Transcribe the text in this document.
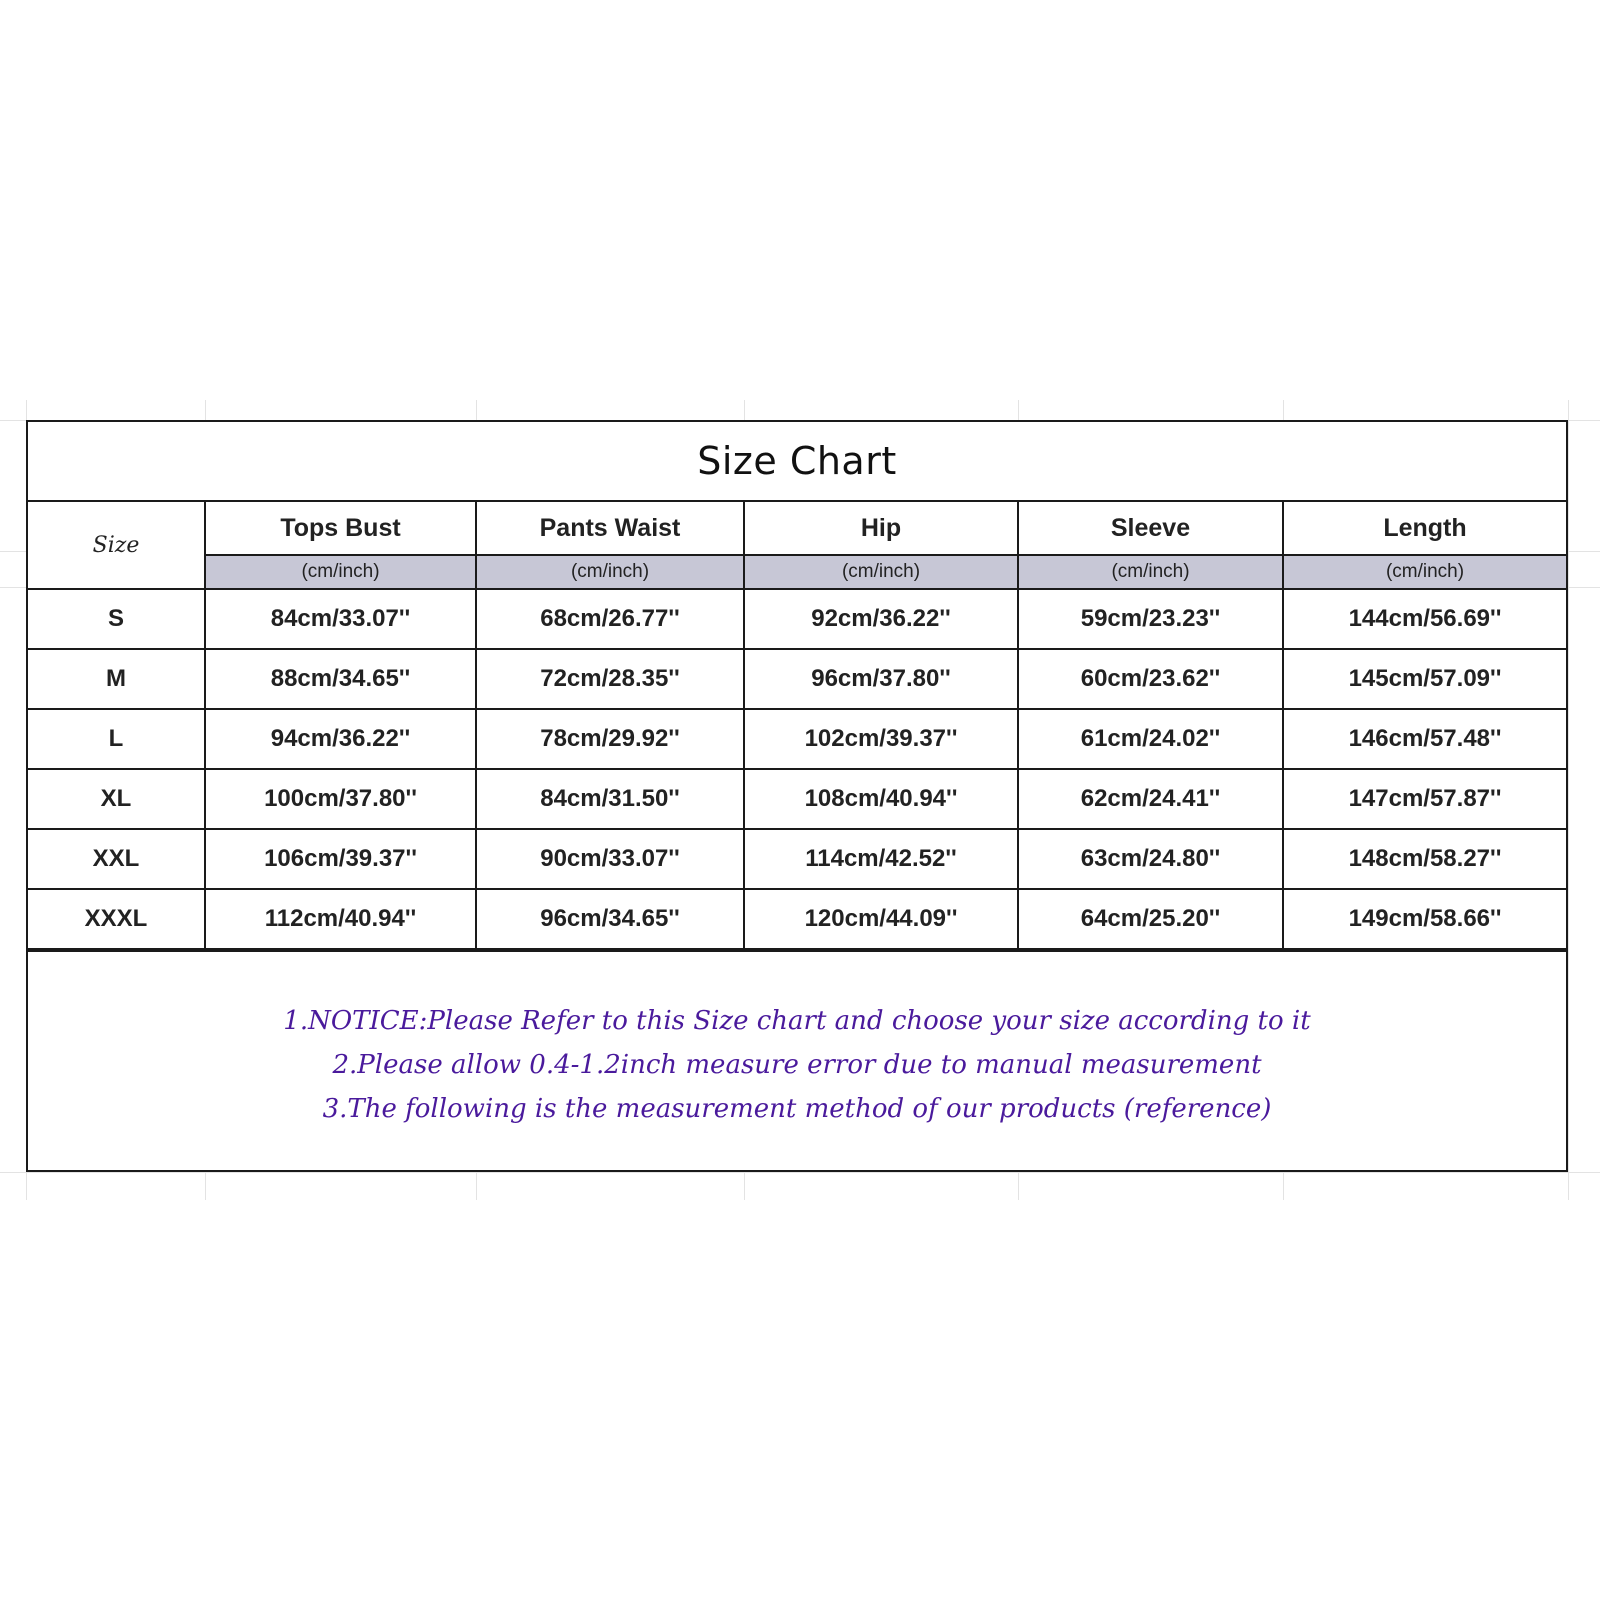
Size Chart
Size	Tops Bust	Pants Waist	Hip	Sleeve	Length
	(cm/inch)	(cm/inch)	(cm/inch)	(cm/inch)	(cm/inch)
S	84cm/33.07''	68cm/26.77''	92cm/36.22''	59cm/23.23''	144cm/56.69''
M	88cm/34.65''	72cm/28.35''	96cm/37.80''	60cm/23.62''	145cm/57.09''
L	94cm/36.22''	78cm/29.92''	102cm/39.37''	61cm/24.02''	146cm/57.48''
XL	100cm/37.80''	84cm/31.50''	108cm/40.94''	62cm/24.41''	147cm/57.87''
XXL	106cm/39.37''	90cm/33.07''	114cm/42.52''	63cm/24.80''	148cm/58.27''
XXXL	112cm/40.94''	96cm/34.65''	120cm/44.09''	64cm/25.20''	149cm/58.66''
1.NOTICE:Please Refer to this Size chart and choose your size according to it
2.Please allow 0.4-1.2inch measure error due to manual measurement
3.The following is the measurement method of our products (reference)
